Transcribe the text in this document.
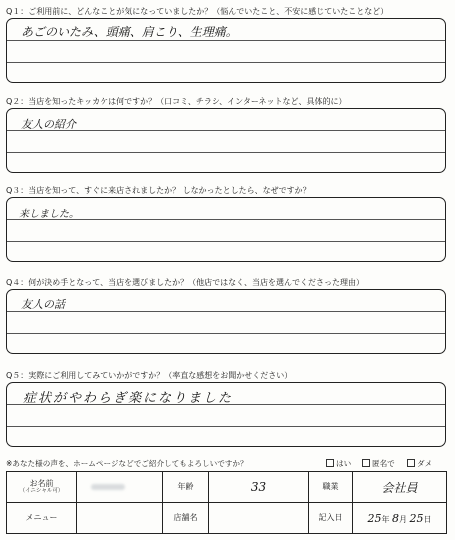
Q１：ご利用前に、どんなことが気になっていましたか？（悩んでいたこと、不安に感じていたことなど）
あごのいたみ、頭痛、肩こり、生理痛。
Q２：当店を知ったキッカケは何ですか？（口コミ、チラシ、インターネットなど、具体的に）
友人の紹介
Q３：当店を知って、すぐに来店されましたか？ しなかったとしたら、なぜですか？
来しました。
Q４：何が決め手となって、当店を選びましたか？（他店ではなく、当店を選んでくださった理由）
友人の話
Q５：実際にご利用してみていかがですか？（率直な感想をお聞かせください）
症状がやわらぎ楽になりました
※あなた様の声を、ホームページなどでご紹介してもよろしいですか？	はい	匿名で	ダメ
お名前
（イニシャル可）		年齢	33	職業	会社員
メニュー		店舗名		記入日	25年 8月 25日
